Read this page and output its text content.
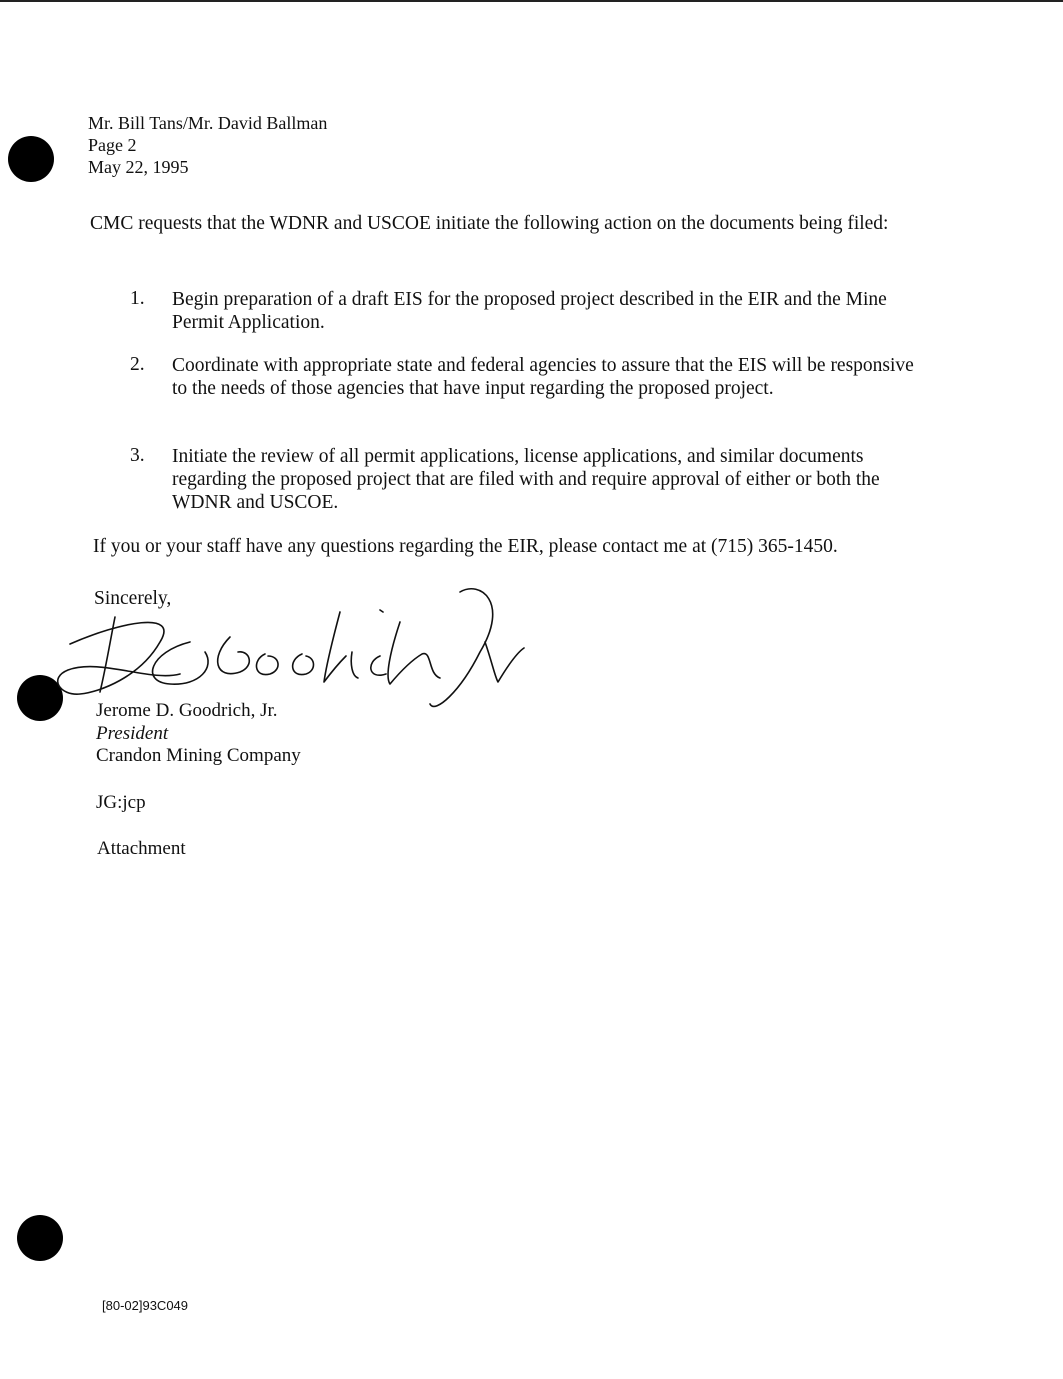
Mr. Bill Tans/Mr. David Ballman
Page 2
May 22, 1995
CMC requests that the WDNR and USCOE initiate the following action on the documents being filed:
1. Begin preparation of a draft EIS for the proposed project described in the EIR and the Mine Permit Application.
2. Coordinate with appropriate state and federal agencies to assure that the EIS will be responsive to the needs of those agencies that have input regarding the proposed project.
3. Initiate the review of all permit applications, license applications, and similar documents regarding the proposed project that are filed with and require approval of either or both the WDNR and USCOE.
If you or your staff have any questions regarding the EIR, please contact me at (715) 365-1450.
Sincerely,
Jerome D. Goodrich, Jr.
President
Crandon Mining Company
JG:jcp
Attachment
[80-02]93C049
